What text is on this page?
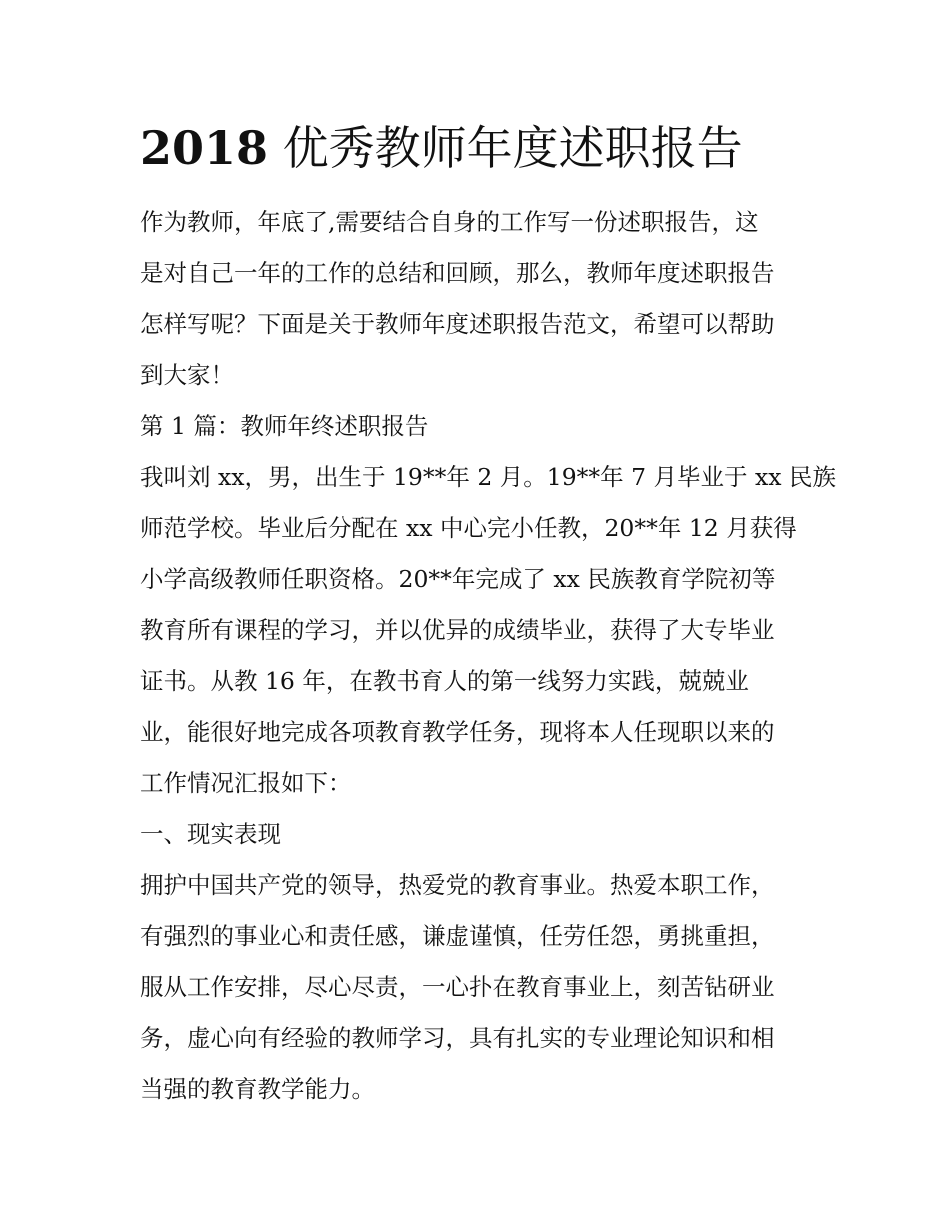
2018 优秀教师年度述职报告

作为教师，年底了,需要结合自身的工作写一份述职报告，这

是对自己一年的工作的总结和回顾，那么，教师年度述职报告

怎样写呢？下面是关于教师年度述职报告范文，希望可以帮助

到大家！

第 1 篇：教师年终述职报告

我叫刘 xx，男，出生于 19**年 2 月。19**年 7 月毕业于 xx 民族

师范学校。毕业后分配在 xx 中心完小任教，20**年 12 月获得

小学高级教师任职资格。20**年完成了 xx 民族教育学院初等

教育所有课程的学习，并以优异的成绩毕业，获得了大专毕业

证书。从教 16 年，在教书育人的第一线努力实践，兢兢业

业，能很好地完成各项教育教学任务，现将本人任现职以来的

工作情况汇报如下：

一、现实表现

拥护中国共产党的领导，热爱党的教育事业。热爱本职工作，

有强烈的事业心和责任感，谦虚谨慎，任劳任怨，勇挑重担，

服从工作安排，尽心尽责，一心扑在教育事业上，刻苦钻研业

务，虚心向有经验的教师学习，具有扎实的专业理论知识和相

当强的教育教学能力。
